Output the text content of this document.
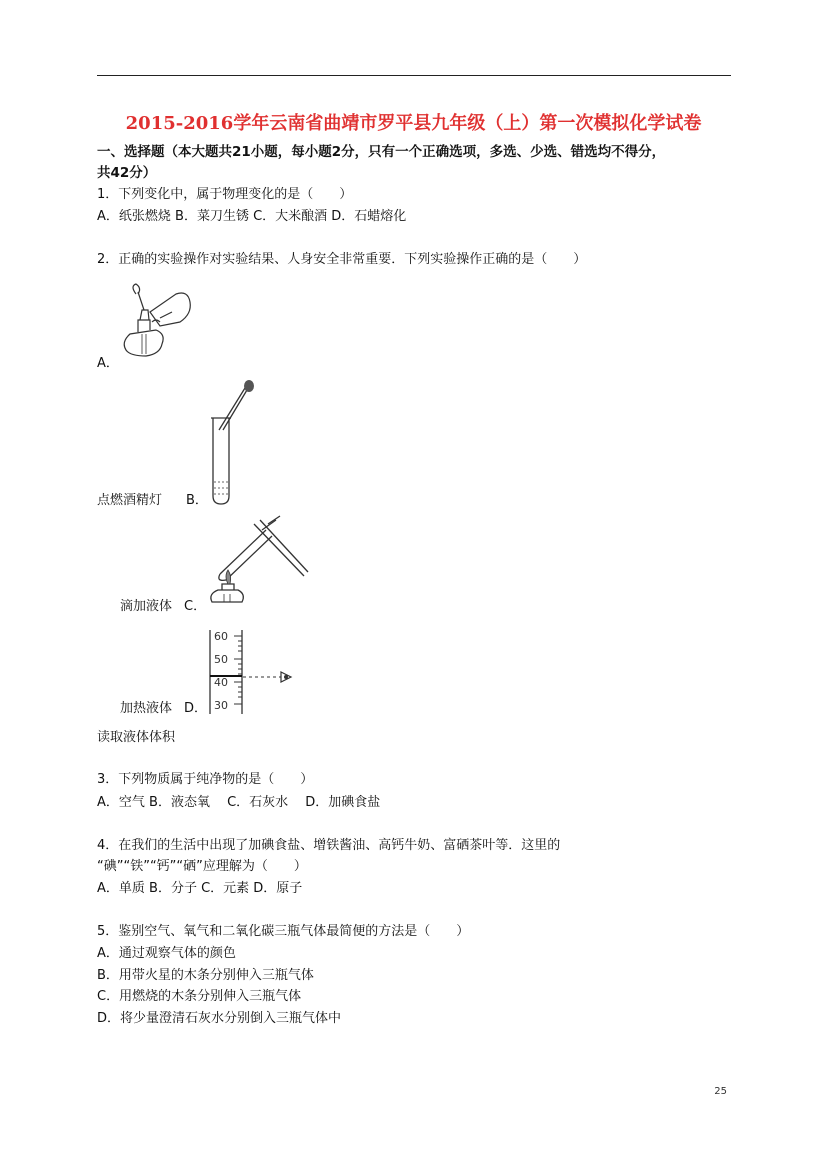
2015-2016学年云南省曲靖市罗平县九年级（上）第一次模拟化学试卷
一、选择题（本大题共21小题，每小题2分，只有一个正确选项，多选、少选、错选均不得分，
共42分）
1．下列变化中，属于物理变化的是（　　）
A．纸张燃烧 B．菜刀生锈 C．大米酿酒 D．石蜡熔化
2．正确的实验操作对实验结果、人身安全非常重要．下列实验操作正确的是（　　）
A．
点燃酒精灯 B．
滴加液体 C．
60
50
40
30
加热液体 D．
读取液体体积
3．下列物质属于纯净物的是（　　）
A．空气 B．液态氧　 C．石灰水　 D．加碘食盐
4．在我们的生活中出现了加碘食盐、增铁酱油、高钙牛奶、富硒茶叶等．这里的
“碘”“铁”“钙”“硒”应理解为（　　）
A．单质 B．分子 C．元素 D．原子
5．鉴别空气、氧气和二氧化碳三瓶气体最简便的方法是（　　）
A．通过观察气体的颜色
B．用带火星的木条分别伸入三瓶气体
C．用燃烧的木条分别伸入三瓶气体
D．将少量澄清石灰水分别倒入三瓶气体中
25
